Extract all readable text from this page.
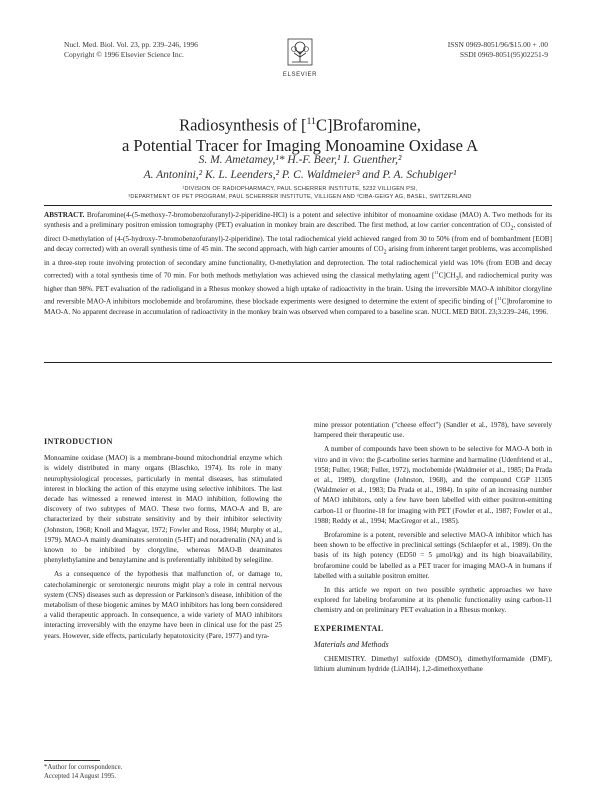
Nucl. Med. Biol. Vol. 23, pp. 239–246, 1996
Copyright © 1996 Elsevier Science Inc.
ELSEVIER
ISSN 0969-8051/96/$15.00 + .00
SSDI 0969-8051(95)02251-9
Radiosynthesis of [$^{11}$C]Brofaromine,
a Potential Tracer for Imaging Monoamine Oxidase A
S. M. Ametamey,¹* H.-F. Beer,¹ I. Guenther,²
A. Antonini,² K. L. Leenders,² P. C. Waldmeier³ and P. A. Schubiger¹
¹DIVISION OF RADIOPHARMACY, PAUL SCHERRER INSTITUTE, 5232 VILLIGEN PSI,
²DEPARTMENT OF PET PROGRAM, PAUL SCHERRER INSTITUTE, VILLIGEN AND ³CIBA-GEIGY AG, BASEL, SWITZERLAND
ABSTRACT. Brofaromine(4-(5-methoxy-7-bromobenzofuranyl)-2-piperidine-HCl) is a potent and selective inhibitor of monoamine oxidase (MAO) A. Two methods for its synthesis and a preliminary positron emission tomography (PET) evaluation in monkey brain are described. The first method, at low carrier concentration of $CO_2$, consisted of direct O-methylation of (4-(5-hydroxy-7-bromobenzofuranyl)-2-piperidine). The total radiochemical yield achieved ranged from 30 to 50% (from end of bombardment [EOB] and decay corrected) with an overall synthesis time of 45 min. The second approach, with high carrier amounts of $CO_2$ arising from inherent target problems, was accomplished in a three-step route involving protection of secondary amine functionality, O-methylation and deprotection. The total radiochemical yield was 10% (from EOB and decay corrected) with a total synthesis time of 70 min. For both methods methylation was achieved using the classical methylating agent $[^{11}C]CH_3I$, and radiochemical purity was higher than 98%. PET evaluation of the radioligand in a Rhesus monkey showed a high uptake of radioactivity in the brain. Using the irreversible MAO-A inhibitor clorgyline and reversible MAO-A inhibitors moclobemide and brofaromine, these blockade experiments were designed to determine the extent of specific binding of [$^{11}$C]brofaromine to MAO-A. No apparent decrease in accumulation of radioactivity in the monkey brain was observed when compared to a baseline scan. NUCL MED BIOL 23;3:239–246, 1996.
INTRODUCTION

Monoamine oxidase (MAO) is a membrane-bound mitochondrial enzyme which is widely distributed in many organs (Blaschko, 1974). Its role in many neurophysiological processes, particularly in mental diseases, has stimulated interest in blocking the action of this enzyme using selective inhibitors. The last decade has witnessed a renewed interest in MAO inhibition, following the discovery of two subtypes of MAO. These two forms, MAO-A and B, are characterized by their substrate sensitivity and by their inhibitor selectivity (Johnston, 1968; Knoll and Magyar, 1972; Fowler and Ross, 1984; Murphy et al., 1979). MAO-A mainly deaminates serotonin (5-HT) and noradrenalin (NA) and is known to be inhibited by clorgyline, whereas MAO-B deaminates phenylethylamine and benzylamine and is preferentially inhibited by selegiline.

As a consequence of the hypothesis that malfunction of, or damage to, catecholaminergic or serotonergic neurons might play a role in central nervous system (CNS) diseases such as depression or Parkinson's disease, inhibition of the metabolism of these biogenic amines by MAO inhibitors has long been considered a valid therapeutic approach. In consequence, a wide variety of MAO inhibitors interacting irreversibly with the enzyme have been in clinical use for the past 25 years. However, side effects, particularly hepatotoxicity (Pare, 1977) and tyra-

mine pressor potentiation ("cheese effect") (Sandler et al., 1978), have severely hampered their therapeutic use.

A number of compounds have been shown to be selective for MAO-A both in vitro and in vivo: the β-carboline series harmine and harmaline (Udenfriend et al., 1958; Fuller, 1968; Fuller, 1972), moclobemide (Waldmeier et al., 1985; Da Prada et al., 1989), clorgyline (Johnston, 1968), and the compound CGP 11305 (Waldmeier et al., 1983; Da Prada et al., 1984). In spite of an increasing number of MAO inhibitors, only a few have been labelled with either positron-emitting carbon-11 or fluorine-18 for imaging with PET (Fowler et al., 1987; Fowler et al., 1988; Reddy et al., 1994; MacGregor et al., 1985).

Brofaromine is a potent, reversible and selective MAO-A inhibitor which has been shown to be effective in preclinical settings (Schlaepfer et al., 1989). On the basis of its high potency (ED50 = 5 µmol/kg) and its high bioavailability, brofaromine could be labelled as a PET tracer for imaging MAO-A in humans if labelled with a suitable positron emitter.

In this article we report on two possible synthetic approaches we have explored for labeling brofaromine at its phenolic functionality using carbon-11 chemistry and on preliminary PET evaluation in a Rhesus monkey.

EXPERIMENTAL
Materials and Methods

CHEMISTRY. Dimethyl sulfoxide (DMSO), dimethylformamide (DMF), lithium aluminum hydride (LiAlH4), 1,2-dimethoxyethane

*Author for correspondence.
Accepted 14 August 1995.
